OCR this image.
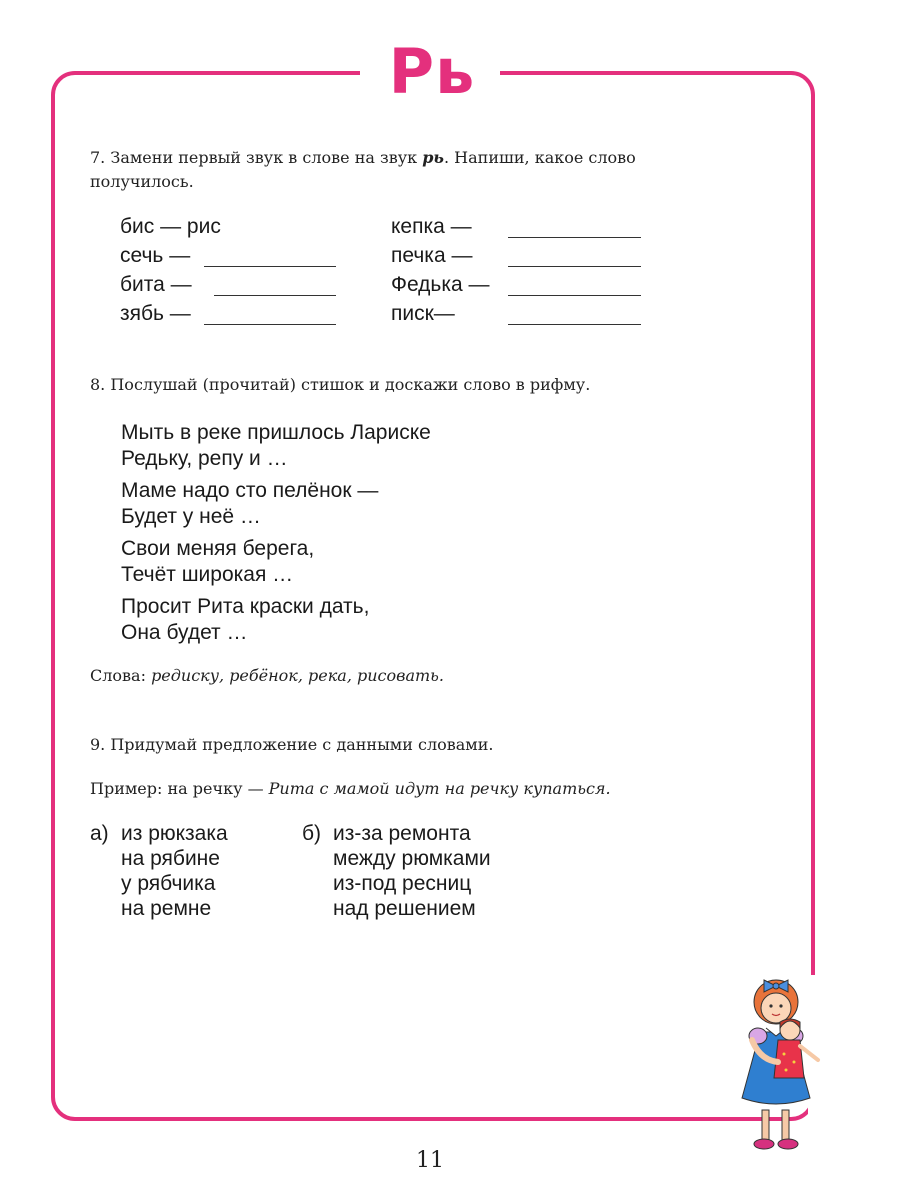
Рь
7. Замени первый звук в слове на звук рь. Напиши, какое слово получилось.
бис — рис
сечь —
бита —
зябь —
кепка —
печка —
Федька —
писк—
8. Послушай (прочитай) стишок и доскажи слово в рифму.
Мыть в реке пришлось Лариске
Редьку, репу и …
Маме надо сто пелёнок —
Будет у неё …
Свои меняя берега,
Течёт широкая …
Просит Рита краски дать,
Она будет …
Слова: редиску, ребёнок, река, рисовать.
9. Придумай предложение с данными словами.
Пример: на речку — Рита с мамой идут на речку купаться.
а) из рюкзака
на рябине
у рябчика
на ремне
б) из-за ремонта
между рюмками
из-под ресниц
над решением
11
